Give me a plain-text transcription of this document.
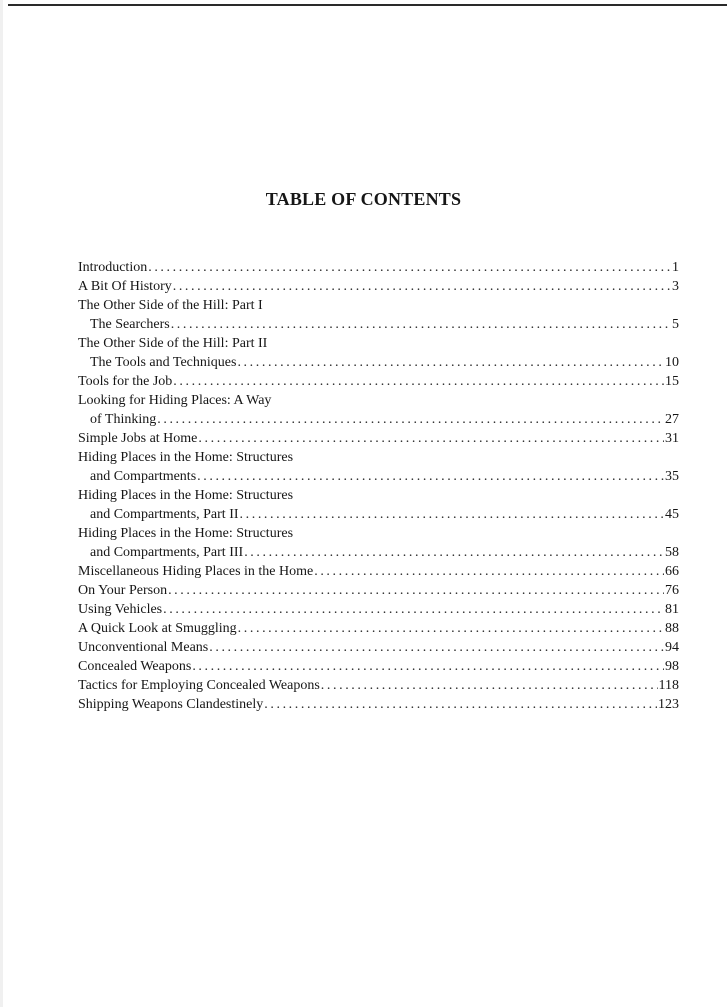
TABLE OF CONTENTS
Introduction .....	1
A Bit Of History .....	3
The Other Side of the Hill: Part I
The Searchers .....	5
The Other Side of the Hill: Part II
The Tools and Techniques .....	10
Tools for the Job .....	15
Looking for Hiding Places: A Way
of Thinking .....	27
Simple Jobs at Home .....	31
Hiding Places in the Home: Structures
and Compartments .....	35
Hiding Places in the Home: Structures
and Compartments, Part II .....	45
Hiding Places in the Home: Structures
and Compartments, Part III .....	58
Miscellaneous Hiding Places in the Home .....	66
On Your Person .....	76
Using Vehicles .....	81
A Quick Look at Smuggling .....	88
Unconventional Means .....	94
Concealed Weapons .....	98
Tactics for Employing Concealed Weapons .....	118
Shipping Weapons Clandestinely .....	123
